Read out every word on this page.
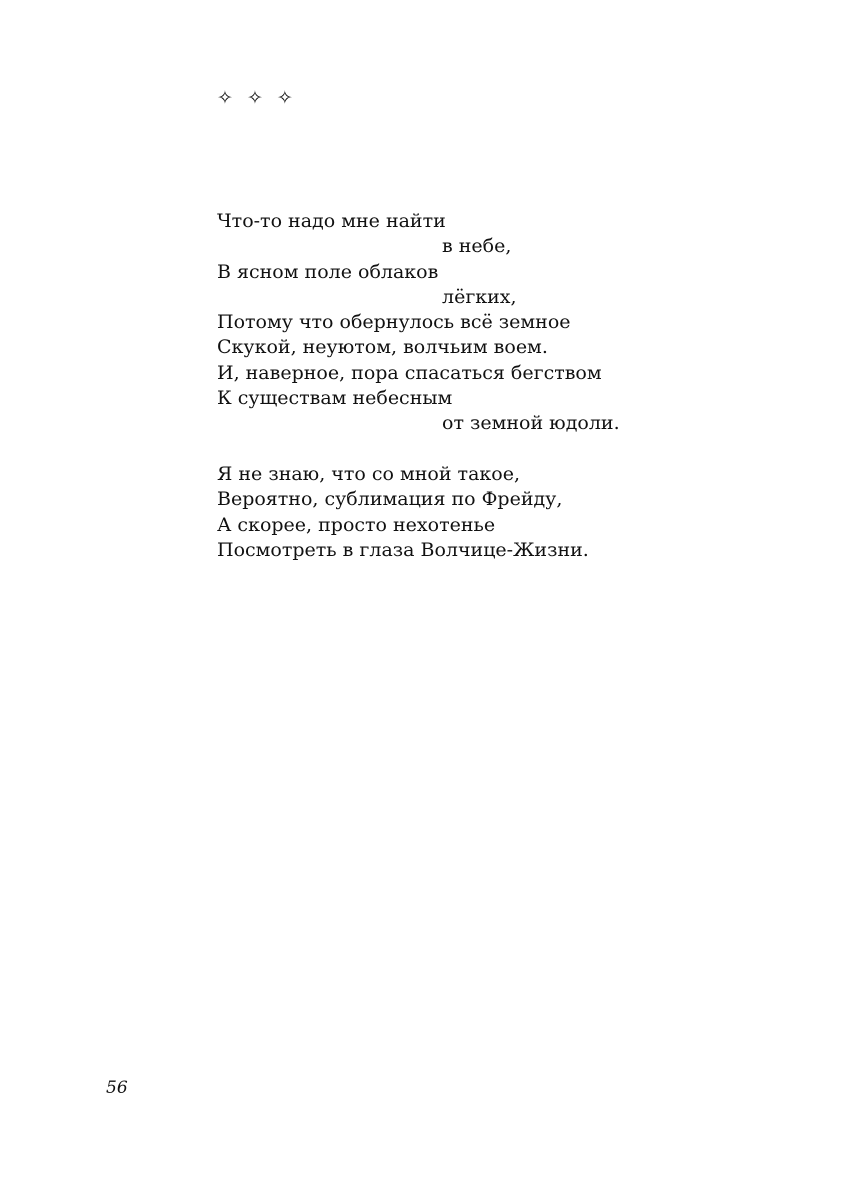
✧ ✧ ✧
Что-то надо мне найти
в небе,
В ясном поле облаков
лёгких,
Потому что обернулось всё земное
Скукой, неуютом, волчьим воем.
И, наверное, пора спасаться бегством
К существам небесным
от земной юдоли.
Я не знаю, что со мной такое,
Вероятно, сублимация по Фрейду,
А скорее, просто нехотенье
Посмотреть в глаза Волчице-Жизни.
56
